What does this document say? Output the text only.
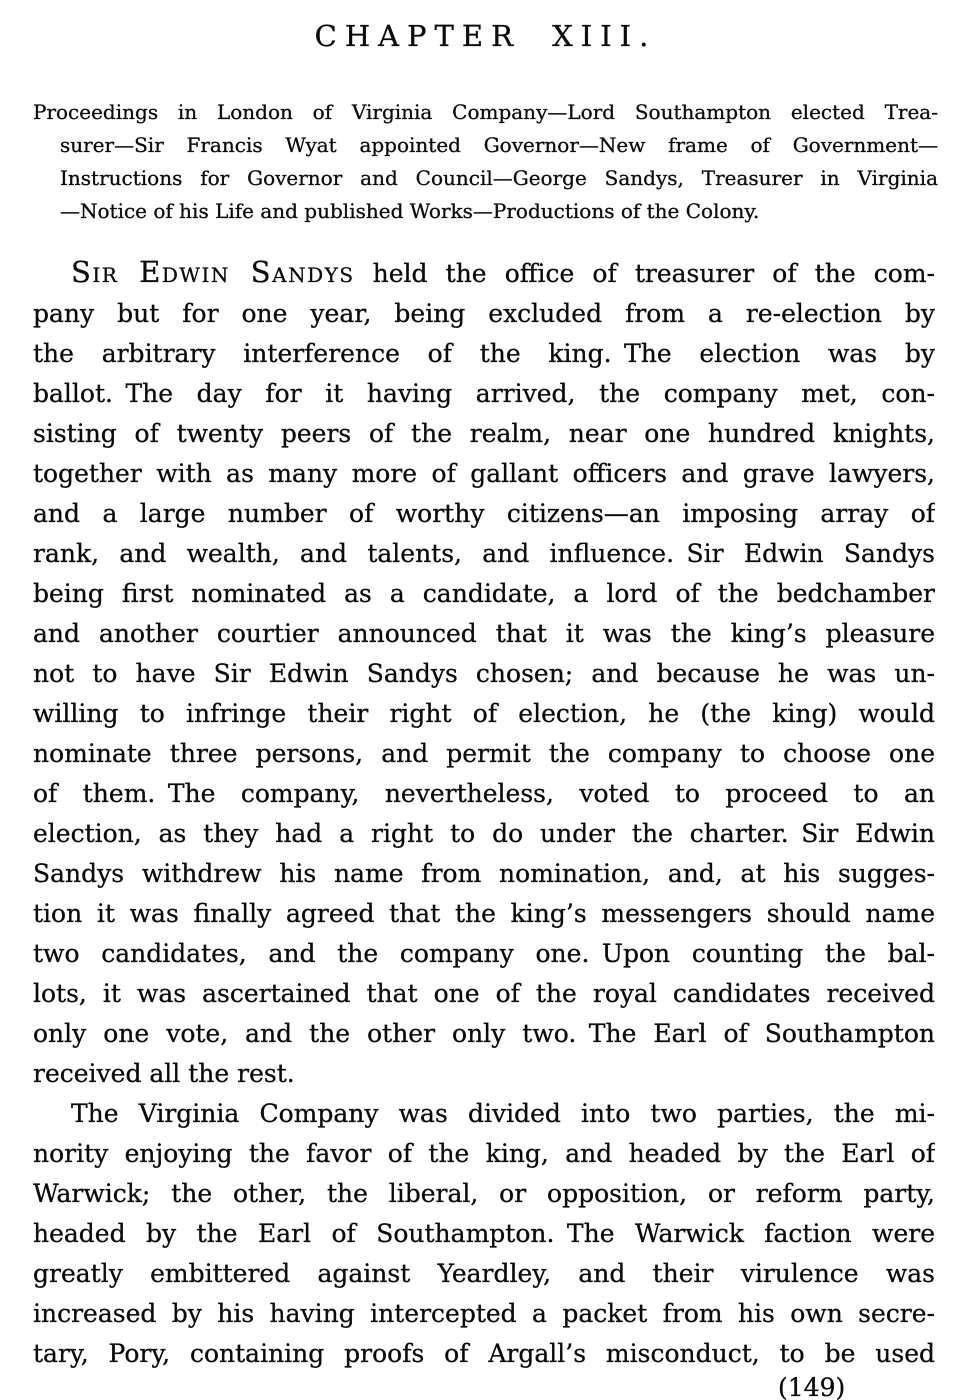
CHAPTER XIII.
Proceedings in London of Virginia Company—Lord Southampton elected Trea-
surer—Sir Francis Wyat appointed Governor—New frame of Government—
Instructions for Governor and Council—George Sandys, Treasurer in Virginia
—Notice of his Life and published Works—Productions of the Colony.
Sir Edwin Sandys held the office of treasurer of the com-
pany but for one year, being excluded from a re-election by
the arbitrary interference of the king. The election was by
ballot. The day for it having arrived, the company met, con-
sisting of twenty peers of the realm, near one hundred knights,
together with as many more of gallant officers and grave lawyers,
and a large number of worthy citizens—an imposing array of
rank, and wealth, and talents, and influence. Sir Edwin Sandys
being first nominated as a candidate, a lord of the bedchamber
and another courtier announced that it was the king’s pleasure
not to have Sir Edwin Sandys chosen; and because he was un-
willing to infringe their right of election, he (the king) would
nominate three persons, and permit the company to choose one
of them. The company, nevertheless, voted to proceed to an
election, as they had a right to do under the charter. Sir Edwin
Sandys withdrew his name from nomination, and, at his sugges-
tion it was finally agreed that the king’s messengers should name
two candidates, and the company one. Upon counting the bal-
lots, it was ascertained that one of the royal candidates received
only one vote, and the other only two. The Earl of Southampton
received all the rest.
The Virginia Company was divided into two parties, the mi-
nority enjoying the favor of the king, and headed by the Earl of
Warwick; the other, the liberal, or opposition, or reform party,
headed by the Earl of Southampton. The Warwick faction were
greatly embittered against Yeardley, and their virulence was
increased by his having intercepted a packet from his own secre-
tary, Pory, containing proofs of Argall’s misconduct, to be used
(149)
